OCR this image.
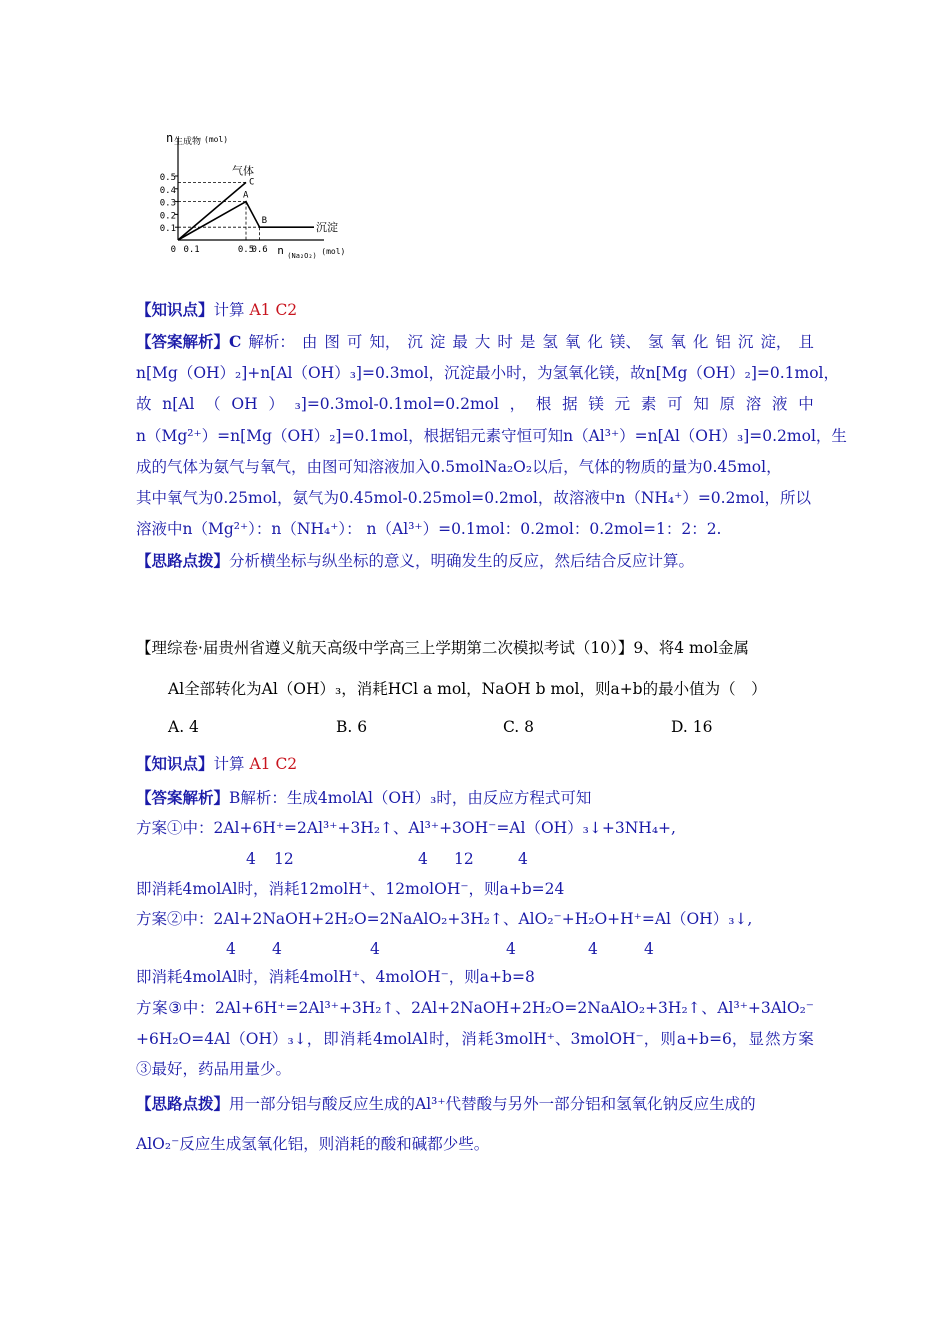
n 生成物 (mol)
0.1
0.2
0.3
0.4
0.5
0.1	0.5
0.6
0	n (Na₂O₂) (mol)
C
A
B
气体
沉淀
【知识点】计算 A1 C2
【答案解析】C 解析： 由 图 可 知， 沉 淀 最 大 时 是 氢 氧 化 镁、 氢 氧 化 铝 沉 淀， 且
n[Mg（OH）₂]+n[Al（OH）₃]=0.3mol，沉淀最小时，为氢氧化镁，故n[Mg（OH）₂]=0.1mol，
故 n[Al （ OH ） ₃]=0.3mol-0.1mol=0.2mol ， 根 据 镁 元 素 可 知 原 溶 液 中
n（Mg²⁺）=n[Mg（OH）₂]=0.1mol，根据铝元素守恒可知n（Al³⁺）=n[Al（OH）₃]=0.2mol，生
成的气体为氨气与氧气，由图可知溶液加入0.5molNa₂O₂以后，气体的物质的量为0.45mol，
其中氧气为0.25mol，氨气为0.45mol-0.25mol=0.2mol，故溶液中n（NH₄⁺）=0.2mol，所以
溶液中n（Mg²⁺）：n（NH₄⁺）： n（Al³⁺）=0.1mol：0.2mol：0.2mol=1：2：2.
【思路点拨】分析横坐标与纵坐标的意义，明确发生的反应，然后结合反应计算。
【理综卷·届贵州省遵义航天高级中学高三上学期第二次模拟考试（10）】9、将4 mol金属
Al全部转化为Al（OH）₃，消耗HCl a mol，NaOH b mol，则a+b的最小值为（　）
A. 4	B. 6	C. 8	D. 16
【知识点】计算 A1 C2
【答案解析】B解析：生成4molAl（OH）₃时，由反应方程式可知
方案①中：2Al+6H⁺=2Al³⁺+3H₂↑、Al³⁺+3OH⁻=Al（OH）₃↓+3NH₄+,
4 12	4 12	4
即消耗4molAl时，消耗12molH⁺、12molOH⁻，则a+b=24
方案②中：2Al+2NaOH+2H₂O=2NaAlO₂+3H₂↑、AlO₂⁻+H₂O+H⁺=Al（OH）₃↓,
4 4	4	4	4	4
即消耗4molAl时，消耗4molH⁺、4molOH⁻，则a+b=8
方 案 ③ 中 ： 2Al+6H⁺=2Al³⁺+3H₂↑ 、 2Al+2NaOH+2H₂O=2NaAlO₂+3H₂↑ 、 Al³⁺+3AlO₂⁻
+6H₂O=4Al（OH）₃↓， 即 消 耗 4molAl 时， 消 耗 3molH⁺、3molOH⁻， 则 a+b=6， 显 然 方 案
③最好，药品用量少。
【思路点拨】用一部分铝与酸反应生成的Al³⁺代替酸与另外一部分铝和氢氧化钠反应生成的
AlO₂⁻反应生成氢氧化铝，则消耗的酸和碱都少些。
